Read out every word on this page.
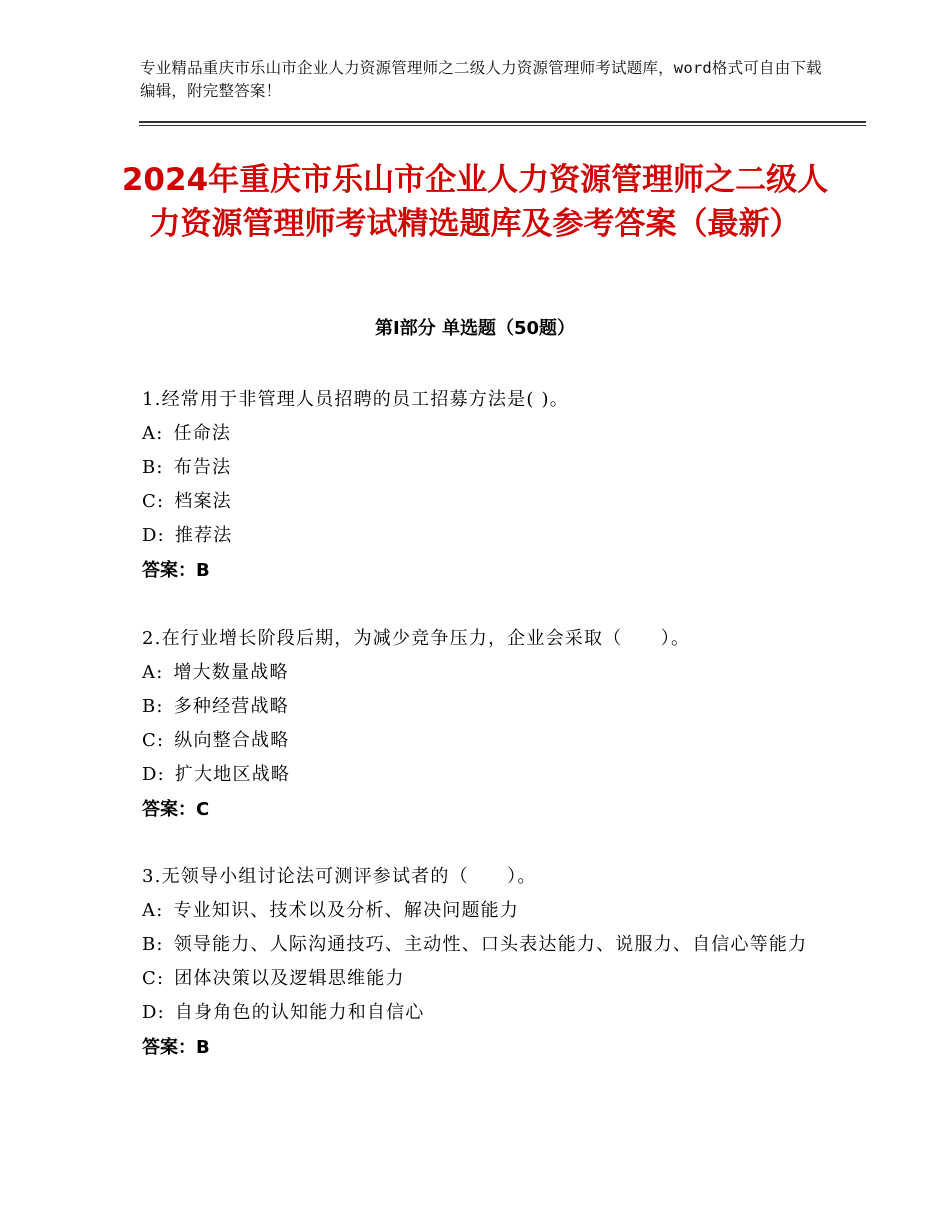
专业精品重庆市乐山市企业人力资源管理师之二级人力资源管理师考试题库，word格式可自由下载编辑，附完整答案！
2024年重庆市乐山市企业人力资源管理师之二级人力资源管理师考试精选题库及参考答案（最新）
第Ⅰ部分 单选题（50题）

1.经常用于非管理人员招聘的员工招募方法是( )。

A: 任命法

B: 布告法

C: 档案法

D: 推荐法

答案：B

2.在行业增长阶段后期，为减少竞争压力，企业会采取（　　）。

A: 增大数量战略

B: 多种经营战略

C: 纵向整合战略

D: 扩大地区战略

答案：C

3.无领导小组讨论法可测评参试者的（　　）。

A: 专业知识、技术以及分析、解决问题能力

B: 领导能力、人际沟通技巧、主动性、口头表达能力、说服力、自信心等能力

C: 团体决策以及逻辑思维能力

D: 自身角色的认知能力和自信心

答案：B
